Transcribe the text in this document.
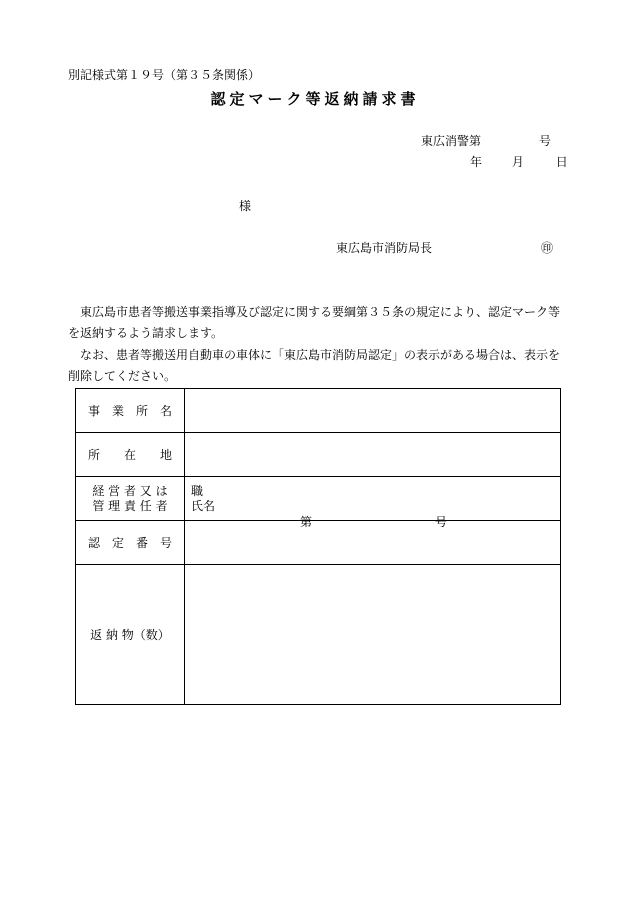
別記様式第１９号（第３５条関係）
認定マーク等返納請求書
東広消警第	号
年 月	日
様
東広島市消防局長	㊞
東広島市患者等搬送事業指導及び認定に関する要綱第３５条の規定により、認定マーク等
を返納するよう請求します。
なお、患者等搬送用自動車の車体に「東広島市消防局認定」の表示がある場合は、表示を
削除してください。
事　業　所　名	
所　　在　　地	

経 営 者 又 は
管 理 責 任 者	職
氏名

認　定　番　号	第 号

返 納 物（数）	
